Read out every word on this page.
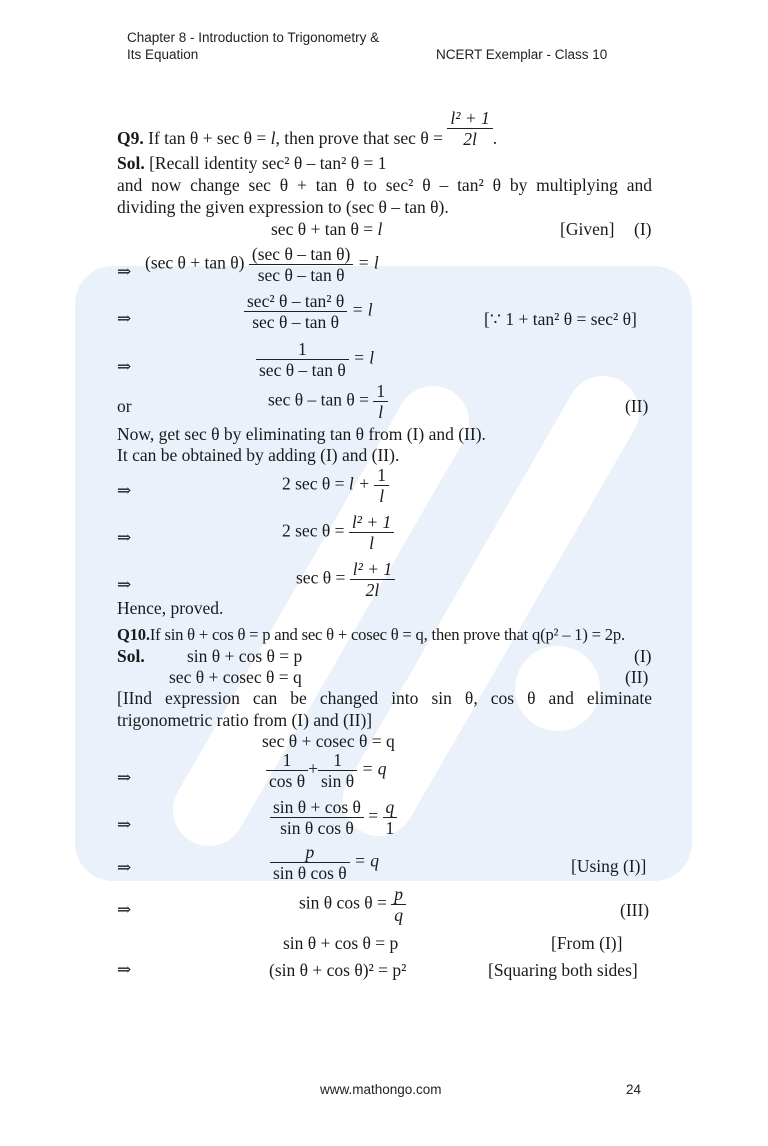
Chapter 8 - Introduction to Trigonometry &
Its Equation	NCERT Exemplar - Class 10
Q9. If tan θ + sec θ = l, then prove that $\sec \theta = \frac{\text{l² + 1}}{2l}$ .
Sol. [Recall identity sec² θ – tan² θ = 1
and now change sec θ + tan θ to sec² θ – tan² θ by multiplying and
dividing the given expression to (sec θ – tan θ).
sec θ + tan θ = l	[Given] (I)
⇒ (sec $\theta + \tan \theta) \frac{\text{(sec θ – tan θ)}}{\text{sec θ – tan θ}} = l$
⇒	$\frac{\text{sec² θ – tan² θ}}{\text{sec θ – tan θ}} = l$	[∵ 1 + tan² θ = sec² θ]
⇒	$\frac{1}{\text{sec θ – tan θ}} = l$
or	$\sec \theta - \tan \theta = \frac{1}{l}$	(II)
Now, get sec θ by eliminating tan θ from (I) and (II).
It can be obtained by adding (I) and (II).
⇒	2 $\sec \theta = l + \frac{1}{l}$
⇒	2 $\sec \theta = \frac{\text{l² + 1}}{l}$
⇒	$\sec \theta = \frac{\text{l² + 1}}{2l}$
Hence, proved.
Q10.If sin θ + cos θ = p and sec θ + cosec θ = q, then prove that q(p² – 1) = 2p.
Sol. sin θ + cos θ = p	(I)
sec θ + cosec θ = q	(II)
[IInd expression can be changed into sin θ, cos θ and eliminate
trigonometric ratio from (I) and (II)]
sec θ + cosec θ = q
⇒	$\frac{1}{\text{cos θ}} + \frac{1}{\text{sin θ}} = q$
⇒	$\frac{\text{sin θ + cos θ}}{\text{sin θ cos θ}} = \frac{q}{1}$
⇒	$\frac{p}{\text{sin θ cos θ}} = q$	[Using (I)]
⇒	sin θ $\cos \theta = \frac{p}{q}$	(III)
sin θ + cos θ = p	[From (I)]
⇒	(sin θ + cos θ)² = p²	[Squaring both sides]
www.mathongo.com	24
